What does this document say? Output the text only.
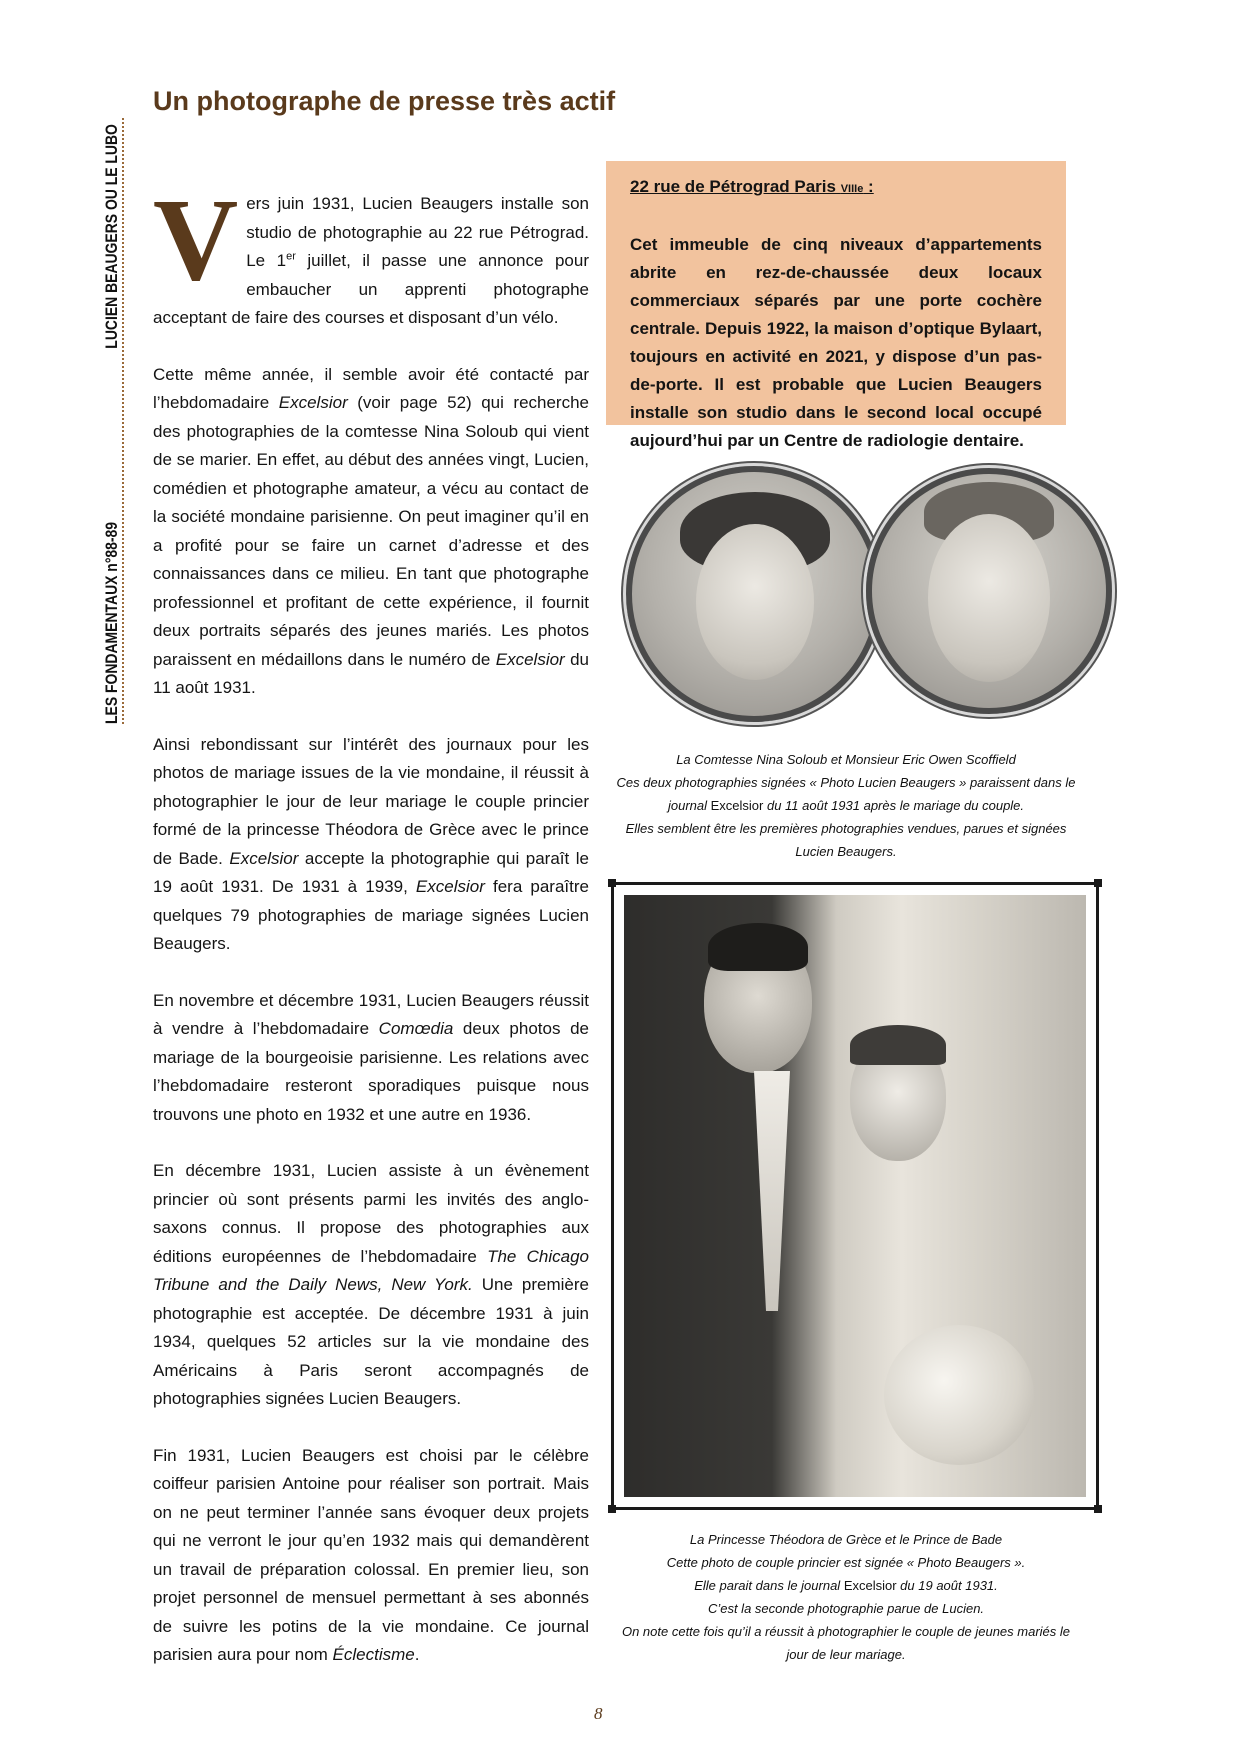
LUCIEN BEAUGERS OU LE LUBO
LES FONDAMENTAUX n°88-89
Un photographe de presse très actif

Vers juin 1931, Lucien Beaugers installe son studio de photographie au 22 rue Pétrograd. Le 1er juillet, il passe une annonce pour embaucher un apprenti photographe acceptant de faire des courses et disposant d’un vélo.

Cette même année, il semble avoir été contacté par l’hebdomadaire Excelsior (voir page 52) qui recherche des photographies de la comtesse Nina Soloub qui vient de se marier. En effet, au début des années vingt, Lucien, comédien et photographe amateur, a vécu au contact de la société mondaine parisienne. On peut imaginer qu’il en a profité pour se faire un carnet d’adresse et des connaissances dans ce milieu. En tant que photographe professionnel et profitant de cette expérience, il fournit deux portraits séparés des jeunes mariés. Les photos paraissent en médaillons dans le numéro de Excelsior du 11 août 1931.

Ainsi rebondissant sur l’intérêt des journaux pour les photos de mariage issues de la vie mondaine, il réussit à photographier le jour de leur mariage le couple princier formé de la princesse Théodora de Grèce avec le prince de Bade. Excelsior accepte la photographie qui paraît le 19 août 1931. De 1931 à 1939, Excelsior fera paraître quelques 79 photographies de mariage signées Lucien Beaugers.

En novembre et décembre 1931, Lucien Beaugers réussit à vendre à l’hebdomadaire Comœdia deux photos de mariage de la bourgeoisie parisienne. Les relations avec l’hebdomadaire resteront sporadiques puisque nous trouvons une photo en 1932 et une autre en 1936.

En décembre 1931, Lucien assiste à un évènement princier où sont présents parmi les invités des anglo-saxons connus. Il propose des photographies aux éditions européennes de l’hebdomadaire The Chicago Tribune and the Daily News, New York. Une première photographie est acceptée. De décembre 1931 à juin 1934, quelques 52 articles sur la vie mondaine des Américains à Paris seront accompagnés de photographies signées Lucien Beaugers.

Fin 1931, Lucien Beaugers est choisi par le célèbre coiffeur parisien Antoine pour réaliser son portrait. Mais on ne peut terminer l’année sans évoquer deux projets qui ne verront le jour qu’en 1932 mais qui demandèrent un travail de préparation colossal. En premier lieu, son projet personnel de mensuel permettant à ses abonnés de suivre les potins de la vie mondaine. Ce journal parisien aura pour nom Éclectisme.

22 rue de Pétrograd Paris VIIIe :
Cet immeuble de cinq niveaux d’appartements abrite en rez-de-chaussée deux locaux commerciaux séparés par une porte cochère centrale. Depuis 1922, la maison d’optique Bylaart, toujours en activité en 2021, y dispose d’un pas-de-porte. Il est probable que Lucien Beaugers installe son studio dans le second local occupé aujourd’hui par un Centre de radiologie dentaire.
La Comtesse Nina Soloub et Monsieur Eric Owen Scoffield
Ces deux photographies signées « Photo Lucien Beaugers » paraissent dans le
journal Excelsior du 11 août 1931 après le mariage du couple.
Elles semblent être les premières photographies vendues, parues et signées
Lucien Beaugers.
La Princesse Théodora de Grèce et le Prince de Bade
Cette photo de couple princier est signée « Photo Beaugers ».
Elle parait dans le journal Excelsior du 19 août 1931.
C’est la seconde photographie parue de Lucien.
On note cette fois qu’il a réussit à photographier le couple de jeunes mariés le
jour de leur mariage.
8
